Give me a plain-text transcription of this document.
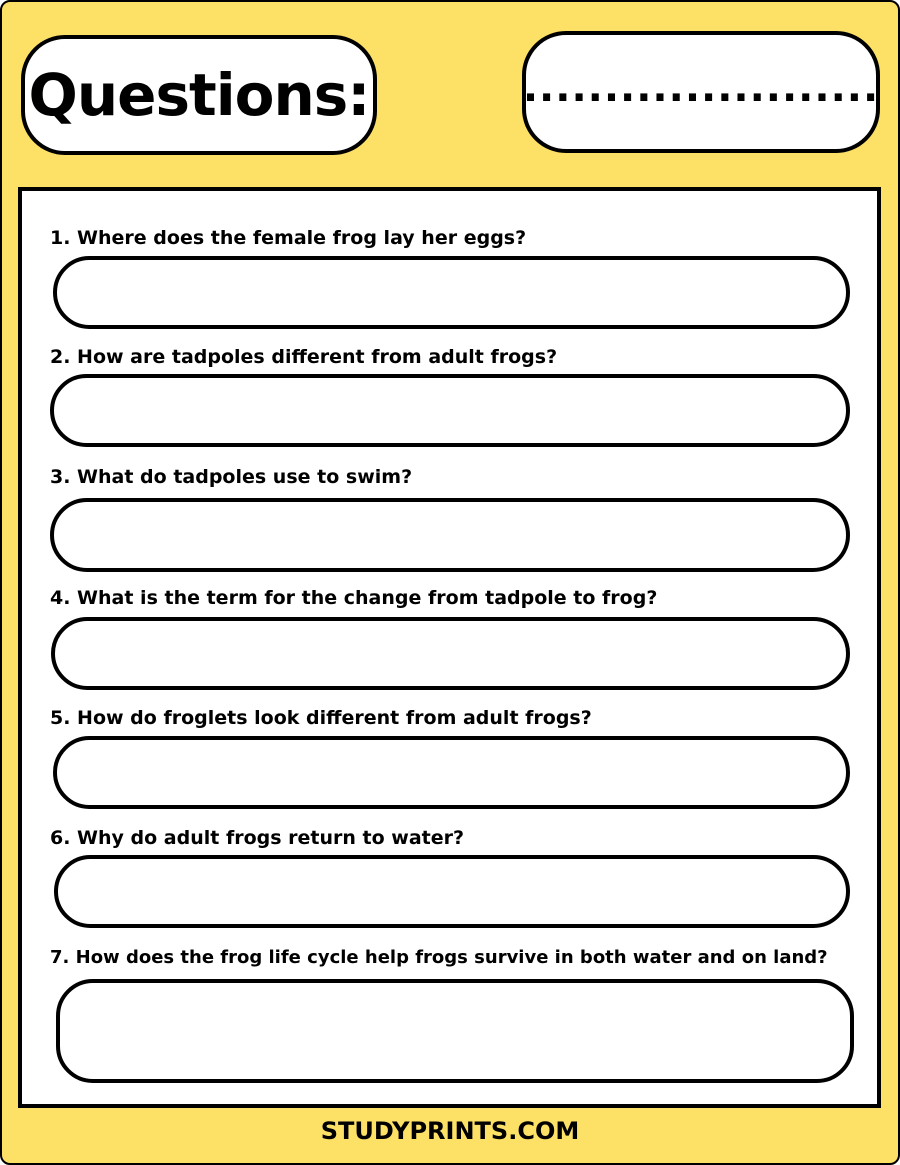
Questions:	......................
1. Where does the female frog lay her eggs?
2. How are tadpoles different from adult frogs?
3. What do tadpoles use to swim?
4. What is the term for the change from tadpole to frog?
5. How do froglets look different from adult frogs?
6. Why do adult frogs return to water?
7. How does the frog life cycle help frogs survive in both water and on land?
STUDYPRINTS.COM
